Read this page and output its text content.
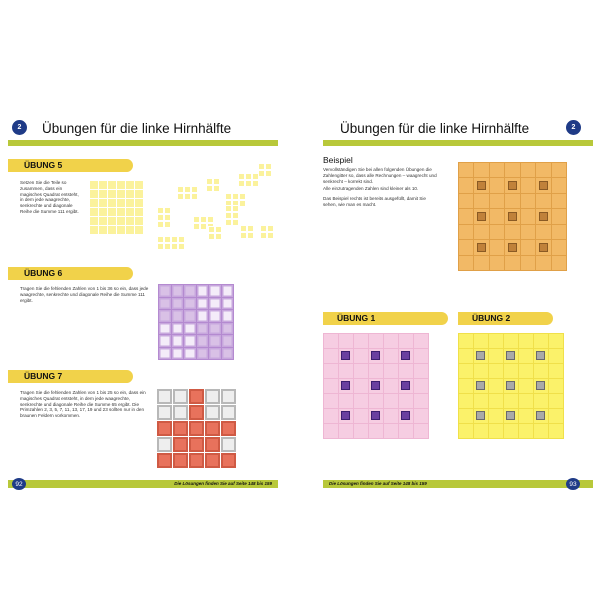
2	Übungen für die linke Hirnhälfte
ÜBUNG 5
Setzen Sie die Teile so zusammen, dass ein magisches Quadrat entsteht, in dem jede waagrechte, senkrechte und diagonale Reihe die Summe 111 ergibt.
ÜBUNG 6
Tragen Sie die fehlenden Zahlen von 1 bis 36 so ein, dass jede waagrechte, senkrechte und diagonale Reihe die Summe 111 ergibt.
ÜBUNG 7
Tragen Sie die fehlenden Zahlen von 1 bis 25 so ein, dass ein magisches Quadrat entsteht, in dem jede waagrechte, senkrechte und diagonale Reihe die Summe 65 ergibt. Die Primzahlen 2, 3, 5, 7, 11, 13, 17, 19 und 23 sollten nur in den braunen Feldern vorkommen.
Die Lösungen finden Sie auf Seite 148 bis 159
92
Übungen für die linke Hirnhälfte	2
Beispiel
Vervollständigen Sie bei allen folgenden Übungen die Zahlengitter so, dass alle Rechnungen – waagrecht und senkrecht – korrekt sind.
Alle einzutragenden Zahlen sind kleiner als 10.
Das Beispiel rechts ist bereits ausgefüllt, damit Sie sehen, wie man es macht.
ÜBUNG 1	ÜBUNG 2
Die Lösungen finden Sie auf Seite 148 bis 159	93
